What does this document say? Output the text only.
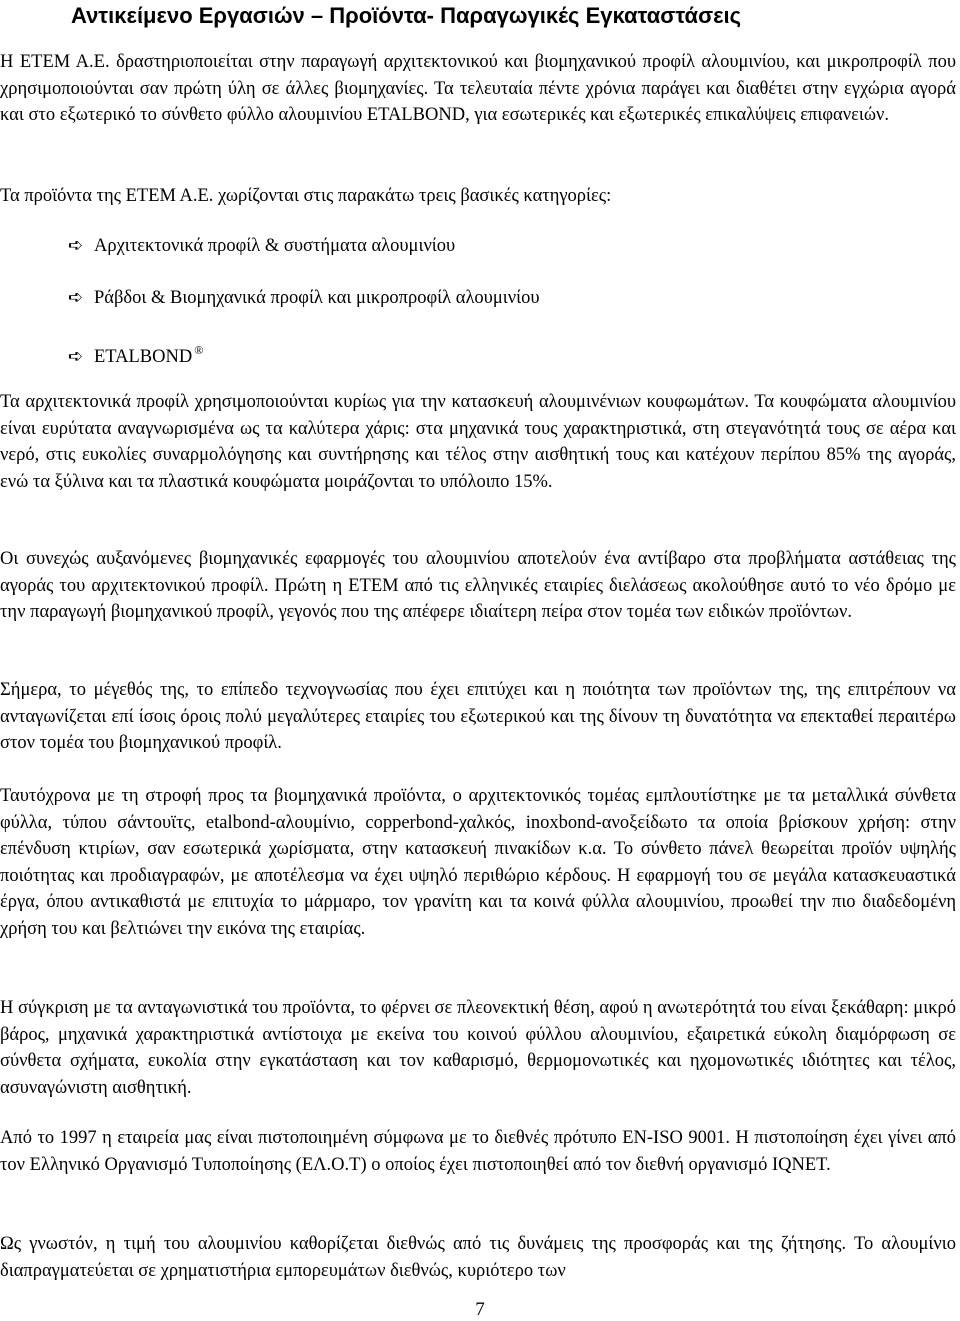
Αντικείμενο Εργασιών – Προϊόντα- Παραγωγικές Εγκαταστάσεις

Η ΕΤΕΜ Α.Ε. δραστηριοποιείται στην παραγωγή αρχιτεκτονικού και βιομηχανικού προφίλ αλουμινίου, και μικροπροφίλ που χρησιμοποιούνται σαν πρώτη ύλη σε άλλες βιομηχανίες. Τα τελευταία πέντε χρόνια παράγει και διαθέτει στην εγχώρια αγορά και στο εξωτερικό το σύνθετο φύλλο αλουμινίου ETALBOND, για εσωτερικές και εξωτερικές επικαλύψεις επιφανειών.

Τα προϊόντα της ΕΤΕΜ Α.Ε. χωρίζονται στις παρακάτω τρεις βασικές κατηγορίες:

➪ Αρχιτεκτονικά προφίλ & συστήματα αλουμινίου
➪ Ράβδοι & Βιομηχανικά προφίλ και μικροπροφίλ αλουμινίου
➪ ETALBOND ®

Τα αρχιτεκτονικά προφίλ χρησιμοποιούνται κυρίως για την κατασκευή αλουμινένιων κουφωμάτων. Τα κουφώματα αλουμινίου είναι ευρύτατα αναγνωρισμένα ως τα καλύτερα χάρις: στα μηχανικά τους χαρακτηριστικά, στη στεγανότητά τους σε αέρα και νερό, στις ευκολίες συναρμολόγησης και συντήρησης και τέλος στην αισθητική τους και κατέχουν περίπου 85% της αγοράς, ενώ τα ξύλινα και τα πλαστικά κουφώματα μοιράζονται το υπόλοιπο 15%.

Οι συνεχώς αυξανόμενες βιομηχανικές εφαρμογές του αλουμινίου αποτελούν ένα αντίβαρο στα προβλήματα αστάθειας της αγοράς του αρχιτεκτονικού προφίλ. Πρώτη η ΕΤΕΜ από τις ελληνικές εταιρίες διελάσεως ακολούθησε αυτό το νέο δρόμο με την παραγωγή βιομηχανικού προφίλ, γεγονός που της απέφερε ιδιαίτερη πείρα στον τομέα των ειδικών προϊόντων.

Σήμερα, το μέγεθός της, το επίπεδο τεχνογνωσίας που έχει επιτύχει και η ποιότητα των προϊόντων της, της επιτρέπουν να ανταγωνίζεται επί ίσοις όροις πολύ μεγαλύτερες εταιρίες του εξωτερικού και της δίνουν τη δυνατότητα να επεκταθεί περαιτέρω στον τομέα του βιομηχανικού προφίλ.

Ταυτόχρονα με τη στροφή προς τα βιομηχανικά προϊόντα, ο αρχιτεκτονικός τομέας εμπλουτίστηκε με τα μεταλλικά σύνθετα φύλλα, τύπου σάντουϊτς, etalbond-αλουμίνιο, copperbond-χαλκός, inoxbond-ανοξείδωτο τα οποία βρίσκουν χρήση: στην επένδυση κτιρίων, σαν εσωτερικά χωρίσματα, στην κατασκευή πινακίδων κ.α. Το σύνθετο πάνελ θεωρείται προϊόν υψηλής ποιότητας και προδιαγραφών, με αποτέλεσμα να έχει υψηλό περιθώριο κέρδους. Η εφαρμογή του σε μεγάλα κατασκευαστικά έργα, όπου αντικαθιστά με επιτυχία το μάρμαρο, τον γρανίτη και τα κοινά φύλλα αλουμινίου, προωθεί την πιο διαδεδομένη χρήση του και βελτιώνει την εικόνα της εταιρίας.

Η σύγκριση με τα ανταγωνιστικά του προϊόντα, το φέρνει σε πλεονεκτική θέση, αφού η ανωτερότητά του είναι ξεκάθαρη: μικρό βάρος, μηχανικά χαρακτηριστικά αντίστοιχα με εκείνα του κοινού φύλλου αλουμινίου, εξαιρετικά εύκολη διαμόρφωση σε σύνθετα σχήματα, ευκολία στην εγκατάσταση και τον καθαρισμό, θερμομονωτικές και ηχομονωτικές ιδιότητες και τέλος, ασυναγώνιστη αισθητική.

Από το 1997 η εταιρεία μας είναι πιστοποιημένη σύμφωνα με το διεθνές πρότυπο EN-ISO 9001. Η πιστοποίηση έχει γίνει από τον Ελληνικό Οργανισμό Τυποποίησης (ΕΛ.Ο.Τ) ο οποίος έχει πιστοποιηθεί από τον διεθνή οργανισμό IQNET.

Ως γνωστόν, η τιμή του αλουμινίου καθορίζεται διεθνώς από τις δυνάμεις της προσφοράς και της ζήτησης. Το αλουμίνιο διαπραγματεύεται σε χρηματιστήρια εμπορευμάτων διεθνώς, κυριότερο των

7
